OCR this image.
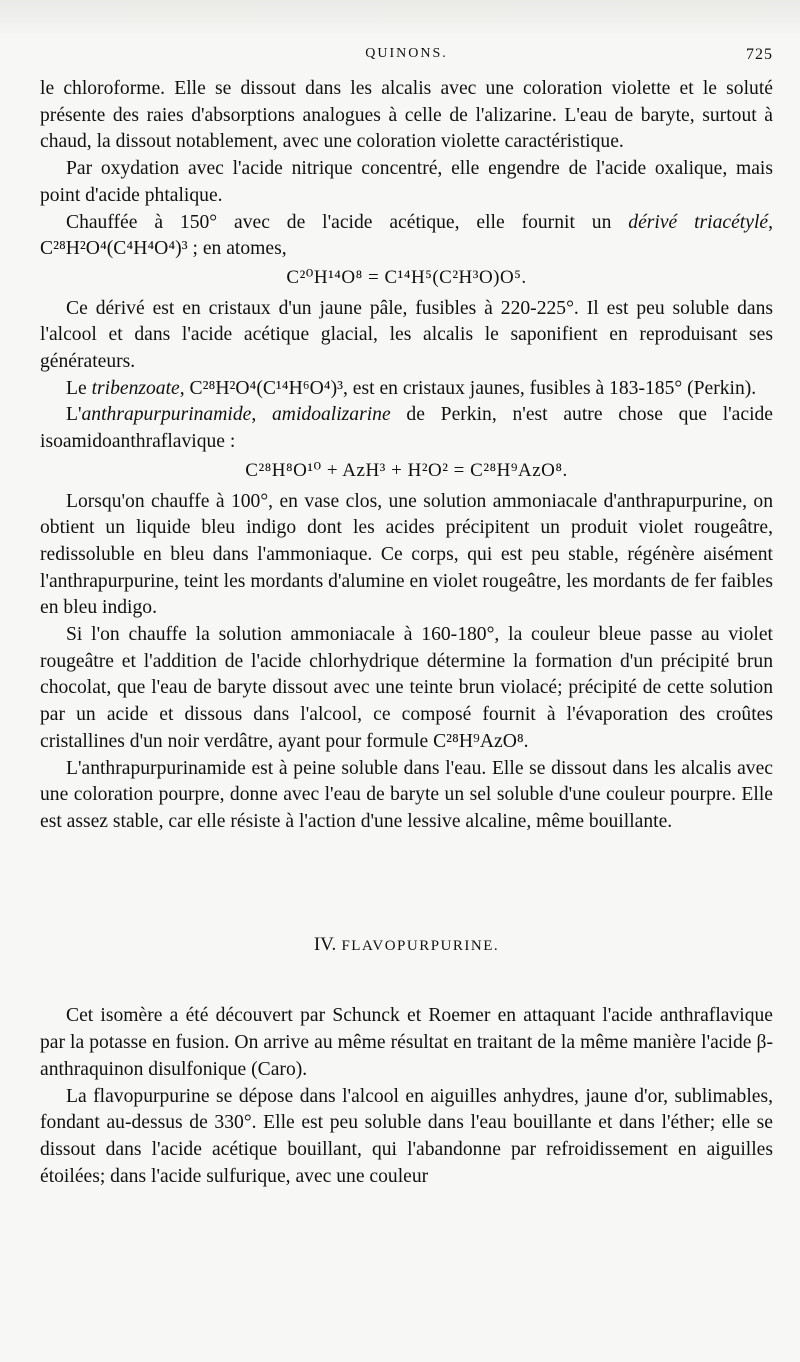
QUINONS.	725

le chloroforme. Elle se dissout dans les alcalis avec une coloration violette et le soluté présente des raies d'absorptions analogues à celle de l'alizarine. L'eau de baryte, surtout à chaud, la dissout notablement, avec une coloration violette caractéristique.

Par oxydation avec l'acide nitrique concentré, elle engendre de l'acide oxalique, mais point d'acide phtalique.

Chauffée à 150° avec de l'acide acétique, elle fournit un dérivé triacétylé, C²⁸H²O⁴(C⁴H⁴O⁴)³ ; en atomes,

C²⁰H¹⁴O⁸ = C¹⁴H⁵(C²H³O)O⁵.

Ce dérivé est en cristaux d'un jaune pâle, fusibles à 220-225°. Il est peu soluble dans l'alcool et dans l'acide acétique glacial, les alcalis le saponifient en reproduisant ses générateurs.

Le tribenzoate, C²⁸H²O⁴(C¹⁴H⁶O⁴)³, est en cristaux jaunes, fusibles à 183-185° (Perkin).

L'anthrapurpurinamide, amidoalizarine de Perkin, n'est autre chose que l'acide isoamidoanthraflavique :

C²⁸H⁸O¹⁰ + AzH³ + H²O² = C²⁸H⁹AzO⁸.

Lorsqu'on chauffe à 100°, en vase clos, une solution ammoniacale d'anthrapurpurine, on obtient un liquide bleu indigo dont les acides précipitent un produit violet rougeâtre, redissoluble en bleu dans l'ammoniaque. Ce corps, qui est peu stable, régénère aisément l'anthrapurpurine, teint les mordants d'alumine en violet rougeâtre, les mordants de fer faibles en bleu indigo.

Si l'on chauffe la solution ammoniacale à 160-180°, la couleur bleue passe au violet rougeâtre et l'addition de l'acide chlorhydrique détermine la formation d'un précipité brun chocolat, que l'eau de baryte dissout avec une teinte brun violacé; précipité de cette solution par un acide et dissous dans l'alcool, ce composé fournit à l'évaporation des croûtes cristallines d'un noir verdâtre, ayant pour formule C²⁸H⁹AzO⁸.

L'anthrapurpurinamide est à peine soluble dans l'eau. Elle se dissout dans les alcalis avec une coloration pourpre, donne avec l'eau de baryte un sel soluble d'une couleur pourpre. Elle est assez stable, car elle résiste à l'action d'une lessive alcaline, même bouillante.

IV. FLAVOPURPURINE.

Cet isomère a été découvert par Schunck et Roemer en attaquant l'acide anthraflavique par la potasse en fusion. On arrive au même résultat en traitant de la même manière l'acide β-anthraquinon disulfonique (Caro).

La flavopurpurine se dépose dans l'alcool en aiguilles anhydres, jaune d'or, sublimables, fondant au-dessus de 330°. Elle est peu soluble dans l'eau bouillante et dans l'éther; elle se dissout dans l'acide acétique bouillant, qui l'abandonne par refroidissement en aiguilles étoilées; dans l'acide sulfurique, avec une couleur
